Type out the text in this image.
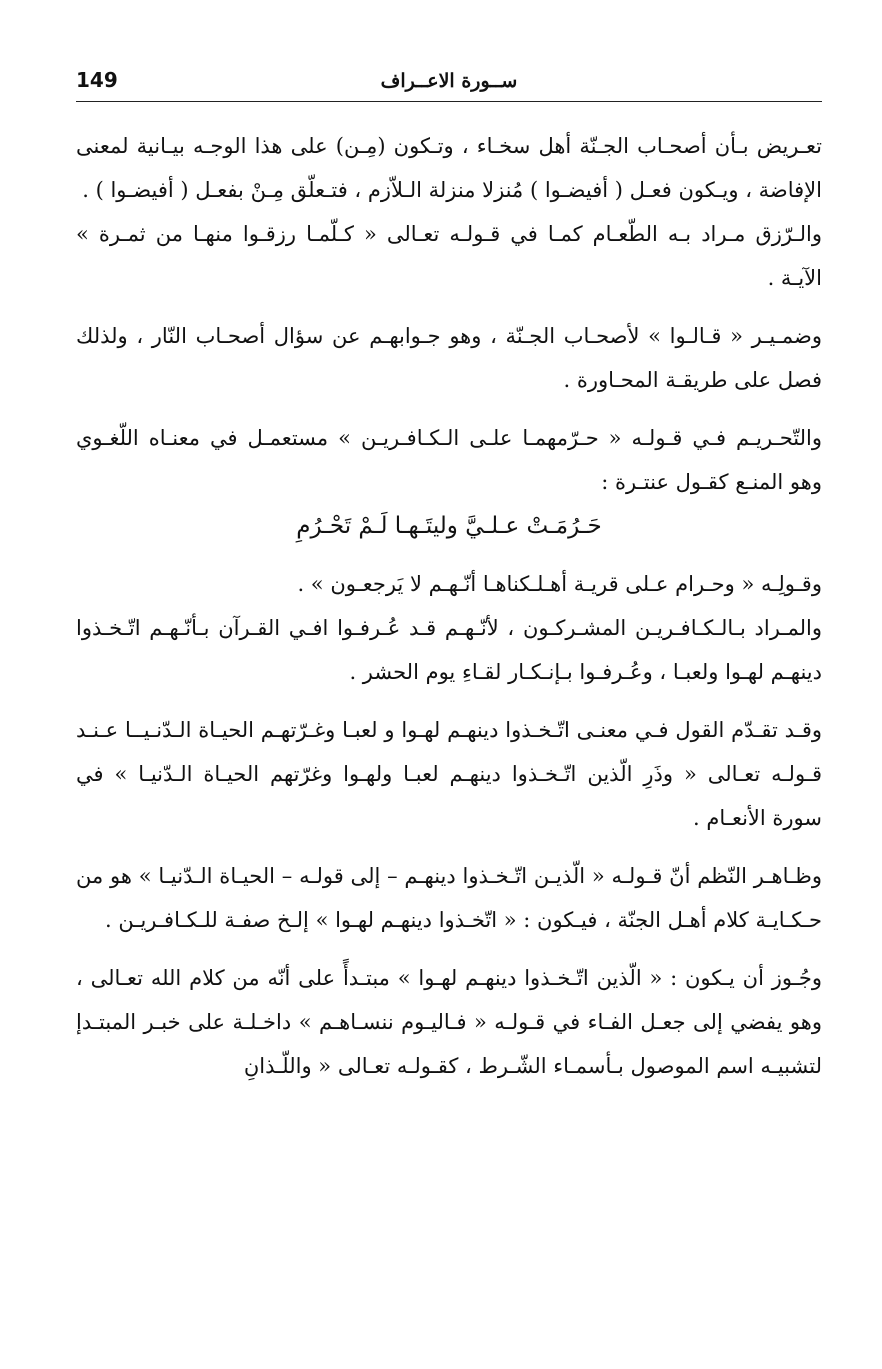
149	ســورة الاعــراف

تعـريض بـأن أصحـاب الجـنّة أهل سخـاء ، وتـكون (مِـن) على هذا الوجـه بيـانية لمعنى الإفاضة ، ويـكون فعـل ( أفيضـوا ) مُنزلا منزلة الـلاّزم ، فتـعلّق مِـنْ بفعـل ( أفيضـوا ) .

والـرّزق مـراد بـه الطّعـام كمـا في قـولـه تعـالى « كـلّمـا رزقـوا منهـا من ثمـرة » الآيـة .

وضمـيـر « قـالـوا » لأصحـاب الجـنّة ، وهو جـوابهـم عن سؤال أصحـاب النّار ، ولذلك فصل على طريقـة المحـاورة .

والتّحـريـم فـي قـولـه « حـرّمهمـا علـى الـكـافـريـن » مستعمـل في معنـاه اللّغـوي وهو المنـع كقـول عنتـرة :

حَـرُمَـتْ عـلـيَّ وليتَـهـا لَـمْ تَحْـرُمِ

وقـولِـه « وحـرام عـلى قريـة أهـلـكناهـا أنّـهـم لا يَرجعـون » .

والمـراد بـالـكـافـريـن المشـركـون ، لأنّـهـم قـد عُـرفـوا افـي القـرآن بـأنّـهـم اتّـخـذوا دينهـم لهـوا ولعبـا ، وعُـرفـوا بـإنـكـار لقـاءِ يوم الحشر .

وقـد تقـدّم القول فـي معنـى اتّـخـذوا دينهـم لهـوا و لعبـا وغـرّتهـم الحيـاة الـدّنـيــا عـنـد قـولـه تعـالى « وذَرِ الّذين اتّـخـذوا دينهـم لعبـا ولهـوا وغرّتهم الحيـاة الـدّنيـا » في سورة الأنعـام .

وظـاهـر النّظم أنّ قـولـه « الّذيـن اتّـخـذوا دينهـم – إلى قولـه – الحيـاة الـدّنيـا » هو من حـكـايـة كلام أهـل الجنّة ، فيـكون : « اتّخـذوا دينهـم لهـوا » إلـخ صفـة للـكـافـريـن .

وجُـوز أن يـكون : « الّذين اتّـخـذوا دينهـم لهـوا » مبتـدأً على أنّه من كلام الله تعـالى ، وهو يفضي إلى جعـل الفـاء في قـولـه « فـاليـوم ننسـاهـم » داخـلـة على خبـر المبتـدإ لتشبيـه اسم الموصول بـأسمـاء الشّـرط ، كقـولـه تعـالى « واللّـذانِ
